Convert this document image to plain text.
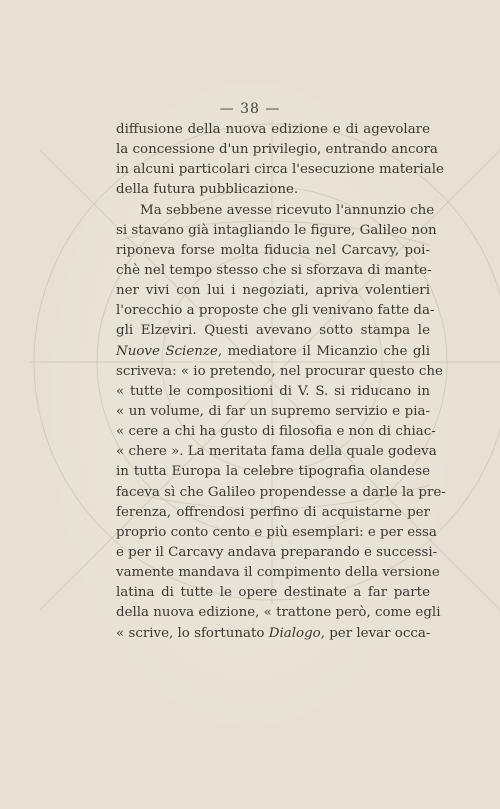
— 38 —
diffusione della nuova edizione e di agevolare
la concessione d'un privilegio, entrando ancora
in alcuni particolari circa l'esecuzione materiale
della futura pubblicazione.
Ma sebbene avesse ricevuto l'annunzio che
si stavano già intagliando le figure, Galileo non
riponeva forse molta fiducia nel Carcavy, poi-
chè nel tempo stesso che si sforzava di mante-
ner vivi con lui i negoziati, apriva volentieri
l'orecchio a proposte che gli venivano fatte da-
gli Elzeviri. Questi avevano sotto stampa le
Nuove Scienze, mediatore il Micanzio che gli
scriveva: « io pretendo, nel procurar questo che
« tutte le compositioni di V. S. si riducano in
« un volume, di far un supremo servizio e pia-
« cere a chi ha gusto di filosofia e non di chiac-
« chere ». La meritata fama della quale godeva
in tutta Europa la celebre tipografia olandese
faceva sì che Galileo propendesse a darle la pre-
ferenza, offrendosi perfino di acquistarne per
proprio conto cento e più esemplari: e per essa
e per il Carcavy andava preparando e successi-
vamente mandava il compimento della versione
latina di tutte le opere destinate a far parte
della nuova edizione, « trattone però, come egli
« scrive, lo sfortunato Dialogo, per levar occa-
